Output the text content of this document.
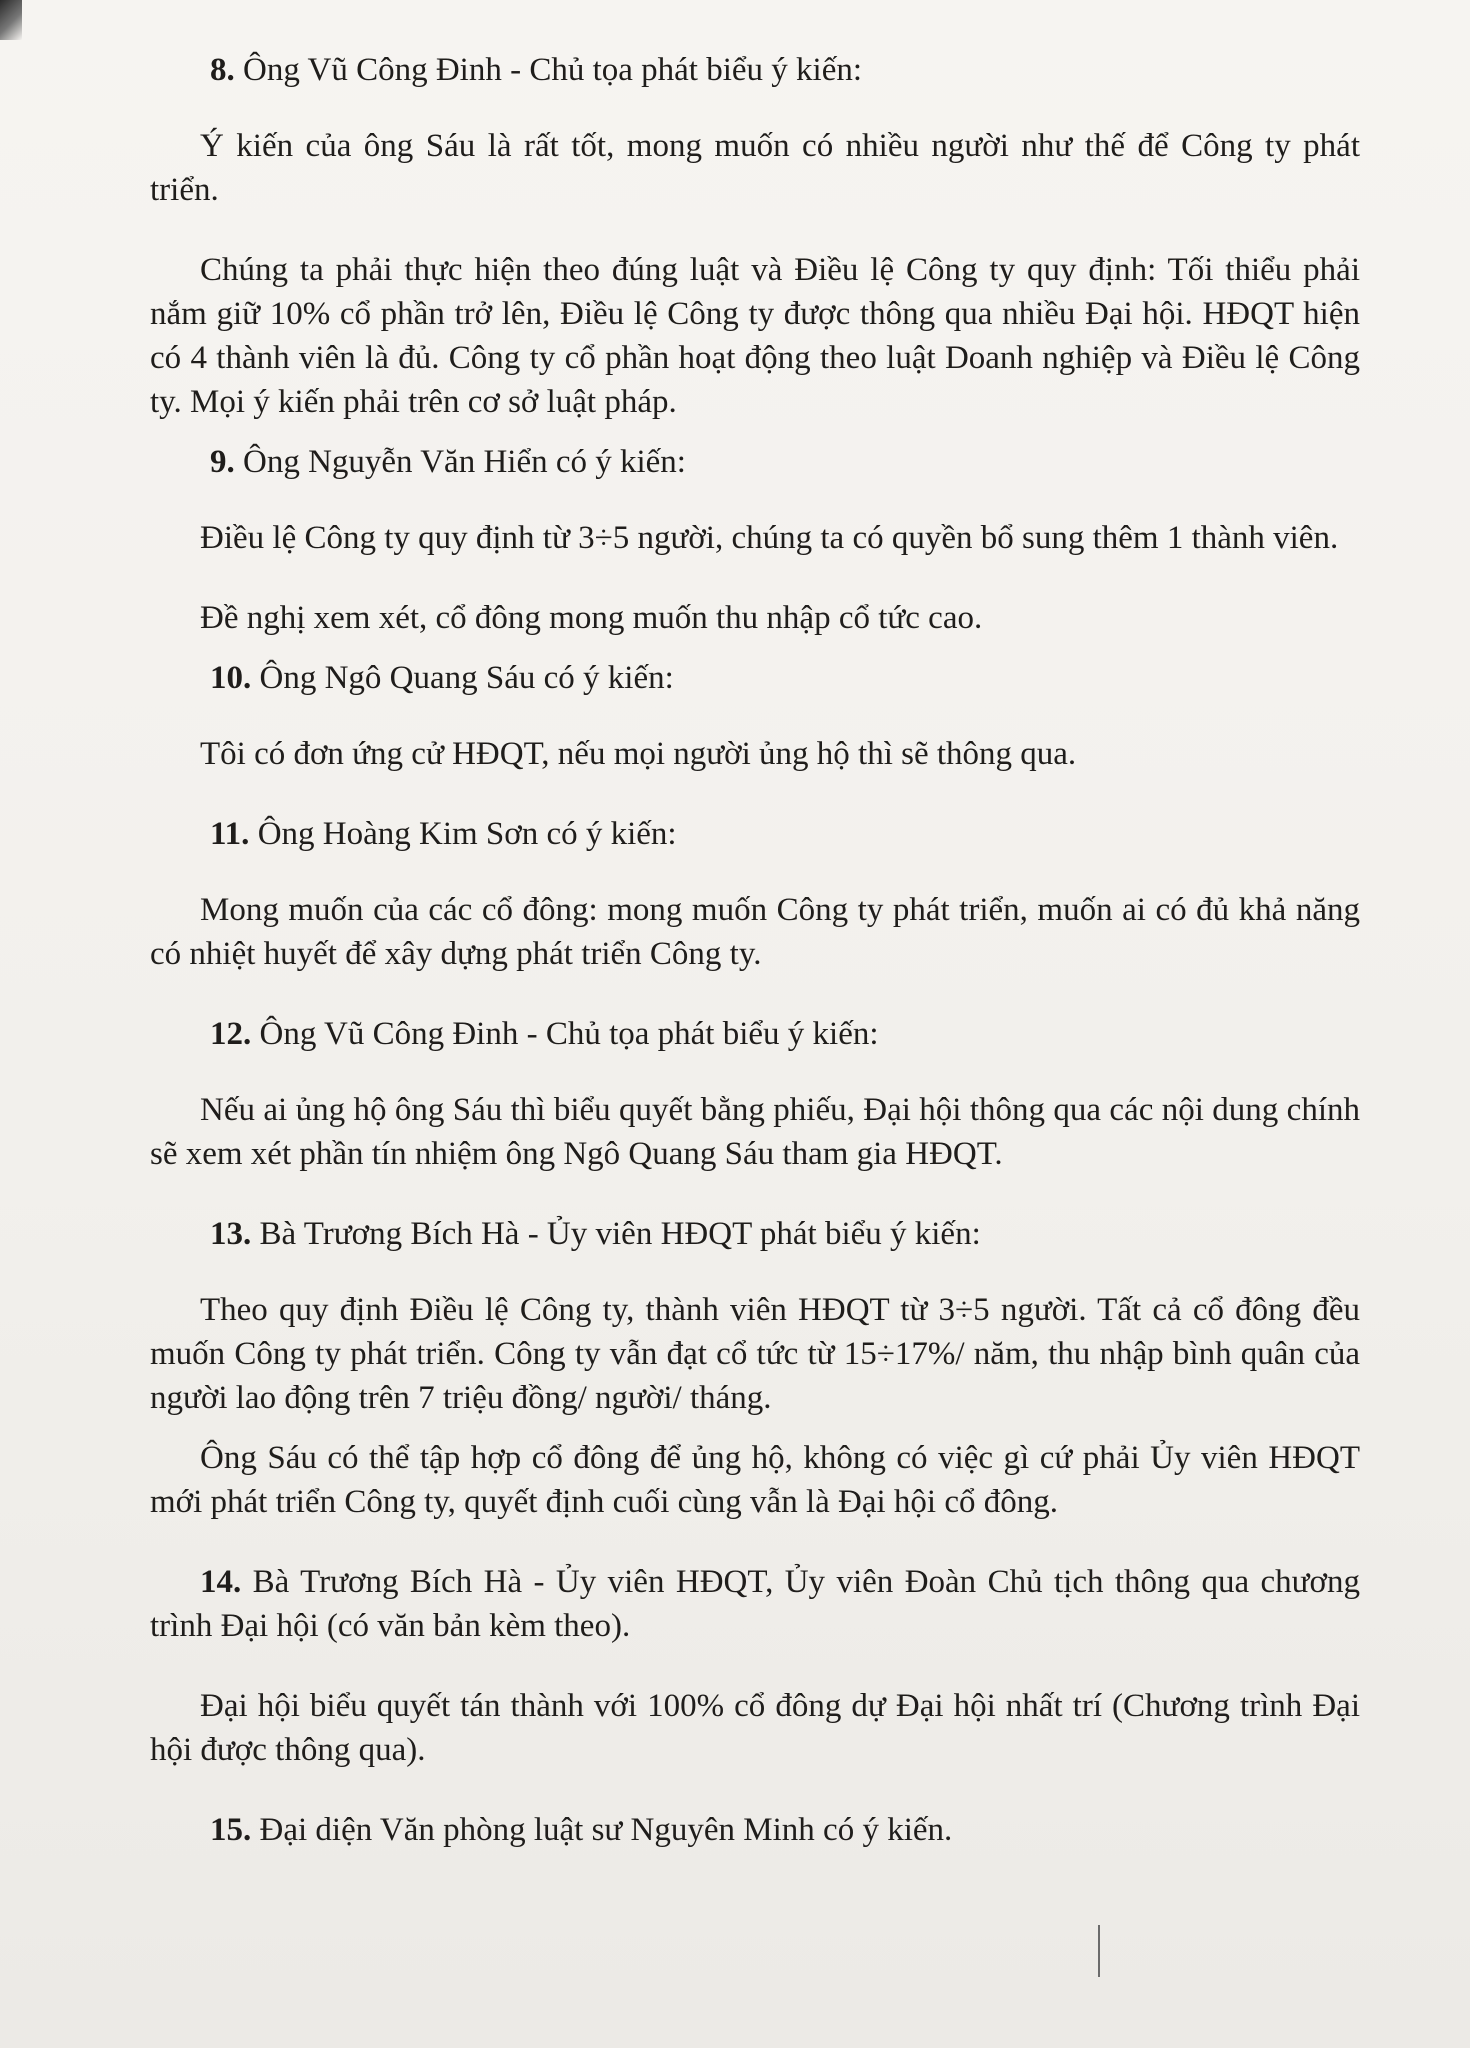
8. Ông Vũ Công Đinh - Chủ tọa phát biểu ý kiến:

Ý kiến của ông Sáu là rất tốt, mong muốn có nhiều người như thế để Công ty phát triển.

Chúng ta phải thực hiện theo đúng luật và Điều lệ Công ty quy định: Tối thiểu phải nắm giữ 10% cổ phần trở lên, Điều lệ Công ty được thông qua nhiều Đại hội. HĐQT hiện có 4 thành viên là đủ. Công ty cổ phần hoạt động theo luật Doanh nghiệp và Điều lệ Công ty. Mọi ý kiến phải trên cơ sở luật pháp.

9. Ông Nguyễn Văn Hiển có ý kiến:

Điều lệ Công ty quy định từ 3÷5 người, chúng ta có quyền bổ sung thêm 1 thành viên.

Đề nghị xem xét, cổ đông mong muốn thu nhập cổ tức cao.

10. Ông Ngô Quang Sáu có ý kiến:

Tôi có đơn ứng cử HĐQT, nếu mọi người ủng hộ thì sẽ thông qua.

11. Ông Hoàng Kim Sơn có ý kiến:

Mong muốn của các cổ đông: mong muốn Công ty phát triển, muốn ai có đủ khả năng có nhiệt huyết để xây dựng phát triển Công ty.

12. Ông Vũ Công Đinh - Chủ tọa phát biểu ý kiến:

Nếu ai ủng hộ ông Sáu thì biểu quyết bằng phiếu, Đại hội thông qua các nội dung chính sẽ xem xét phần tín nhiệm ông Ngô Quang Sáu tham gia HĐQT.

13. Bà Trương Bích Hà - Ủy viên HĐQT phát biểu ý kiến:

Theo quy định Điều lệ Công ty, thành viên HĐQT từ 3÷5 người. Tất cả cổ đông đều muốn Công ty phát triển. Công ty vẫn đạt cổ tức từ 15÷17%/ năm, thu nhập bình quân của người lao động trên 7 triệu đồng/ người/ tháng.

Ông Sáu có thể tập hợp cổ đông để ủng hộ, không có việc gì cứ phải Ủy viên HĐQT mới phát triển Công ty, quyết định cuối cùng vẫn là Đại hội cổ đông.

14. Bà Trương Bích Hà - Ủy viên HĐQT, Ủy viên Đoàn Chủ tịch thông qua chương trình Đại hội (có văn bản kèm theo).

Đại hội biểu quyết tán thành với 100% cổ đông dự Đại hội nhất trí (Chương trình Đại hội được thông qua).

15. Đại diện Văn phòng luật sư Nguyên Minh có ý kiến.
